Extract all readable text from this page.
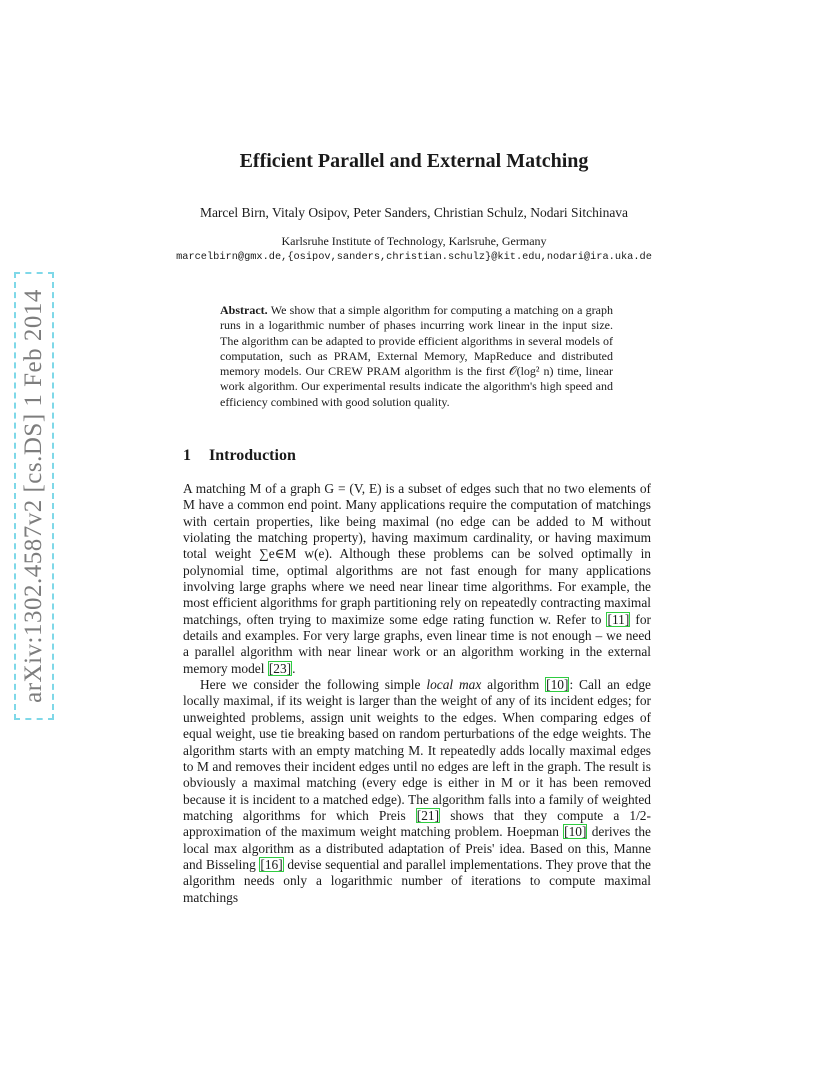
arXiv:1302.4587v2 [cs.DS] 1 Feb 2014
Efficient Parallel and External Matching
Marcel Birn, Vitaly Osipov, Peter Sanders, Christian Schulz, Nodari Sitchinava
Karlsruhe Institute of Technology, Karlsruhe, Germany
marcelbirn@gmx.de,{osipov,sanders,christian.schulz}@kit.edu,nodari@ira.uka.de
Abstract. We show that a simple algorithm for computing a matching on a graph runs in a logarithmic number of phases incurring work linear in the input size. The algorithm can be adapted to provide efficient algorithms in several models of computation, such as PRAM, External Memory, MapReduce and distributed memory models. Our CREW PRAM algorithm is the first 𝒪(log² n) time, linear work algorithm. Our experimental results indicate the algorithm's high speed and efficiency combined with good solution quality.
1 Introduction

A matching M of a graph G = (V, E) is a subset of edges such that no two elements of M have a common end point. Many applications require the computation of matchings with certain properties, like being maximal (no edge can be added to M without violating the matching property), having maximum cardinality, or having maximum total weight ∑e∈M w(e). Although these problems can be solved optimally in polynomial time, optimal algorithms are not fast enough for many applications involving large graphs where we need near linear time algorithms. For example, the most efficient algorithms for graph partitioning rely on repeatedly contracting maximal matchings, often trying to maximize some edge rating function w. Refer to [11] for details and examples. For very large graphs, even linear time is not enough – we need a parallel algorithm with near linear work or an algorithm working in the external memory model [23].

Here we consider the following simple local max algorithm [10]: Call an edge locally maximal, if its weight is larger than the weight of any of its incident edges; for unweighted problems, assign unit weights to the edges. When comparing edges of equal weight, use tie breaking based on random perturbations of the edge weights. The algorithm starts with an empty matching M. It repeatedly adds locally maximal edges to M and removes their incident edges until no edges are left in the graph. The result is obviously a maximal matching (every edge is either in M or it has been removed because it is incident to a matched edge). The algorithm falls into a family of weighted matching algorithms for which Preis [21] shows that they compute a 1/2-approximation of the maximum weight matching problem. Hoepman [10] derives the local max algorithm as a distributed adaptation of Preis' idea. Based on this, Manne and Bisseling [16] devise sequential and parallel implementations. They prove that the algorithm needs only a logarithmic number of iterations to compute maximal matchings
